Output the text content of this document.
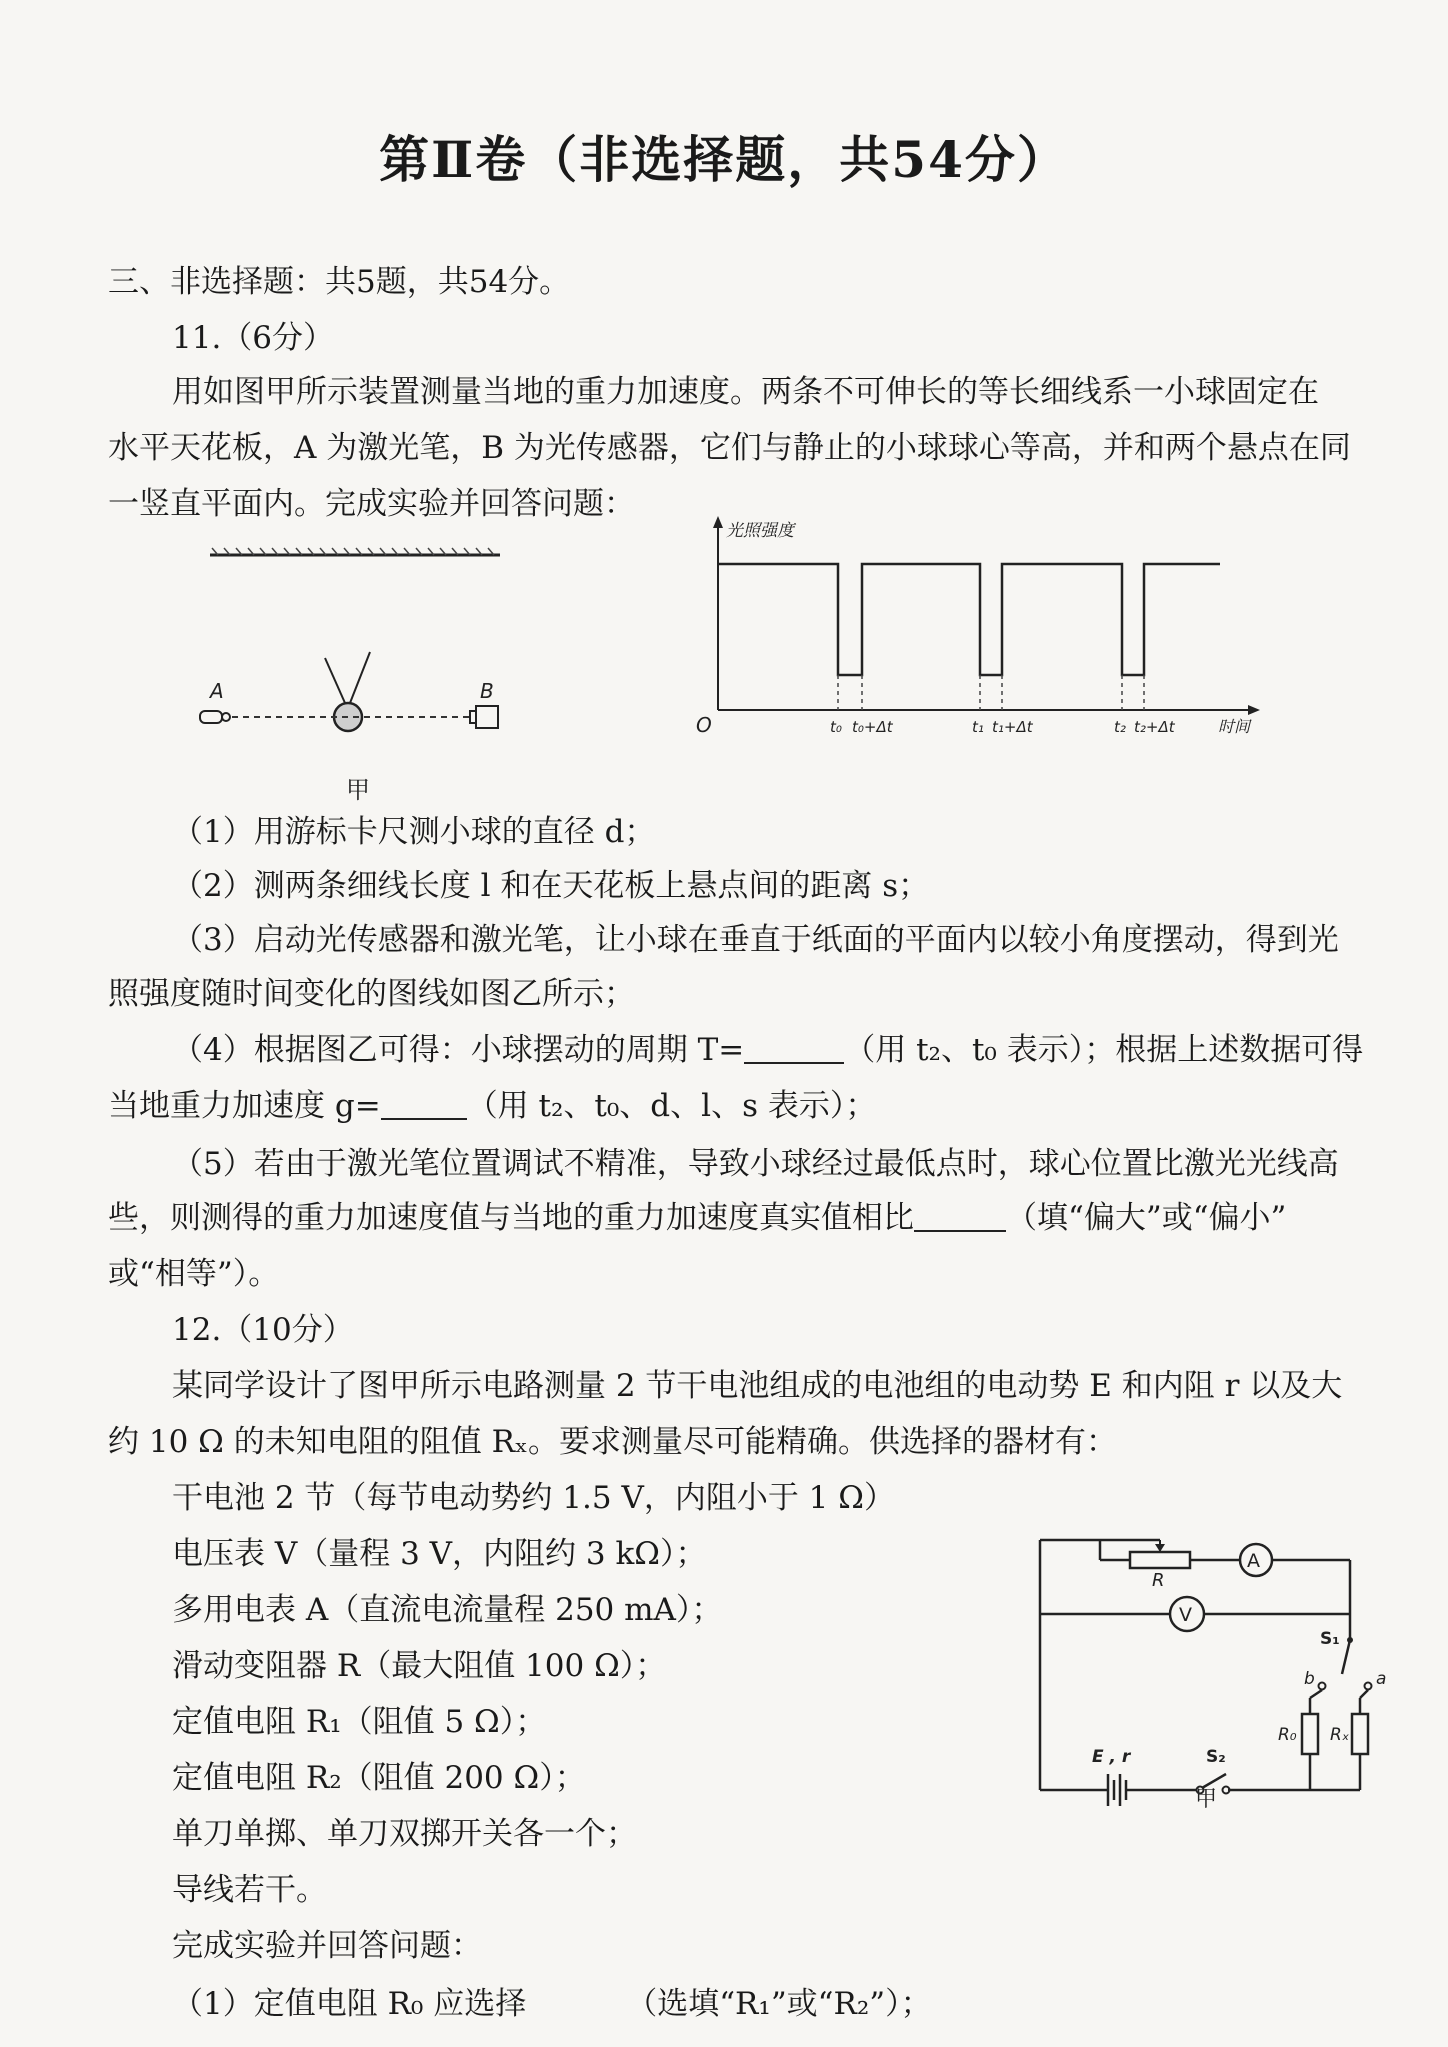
第Ⅱ卷（非选择题，共54分）
三、非选择题：共5题，共54分。
11.（6分）
用如图甲所示装置测量当地的重力加速度。两条不可伸长的等长细线系一小球固定在
水平天花板，A 为激光笔，B 为光传感器，它们与静止的小球球心等高，并和两个悬点在同
一竖直平面内。完成实验并回答问题：
A	B
甲
光照强度
O	t₀ t₀+Δt	t₁ t₁+Δt	t₂ t₂+Δt	时间
（1）用游标卡尺测小球的直径 d；
（2）测两条细线长度 l 和在天花板上悬点间的距离 s；
（3）启动光传感器和激光笔，让小球在垂直于纸面的平面内以较小角度摆动，得到光
照强度随时间变化的图线如图乙所示；
（4）根据图乙可得：小球摆动的周期 T=	（用 t₂、t₀ 表示）；根据上述数据可得
当地重力加速度 g=	（用 t₂、t₀、d、l、s 表示）；
（5）若由于激光笔位置调试不精准，导致小球经过最低点时，球心位置比激光光线高
些，则测得的重力加速度值与当地的重力加速度真实值相比	（填“偏大”或“偏小”
或“相等”）。
12.（10分）
某同学设计了图甲所示电路测量 2 节干电池组成的电池组的电动势 E 和内阻 r 以及大
约 10 Ω 的未知电阻的阻值 Rₓ。要求测量尽可能精确。供选择的器材有：
干电池 2 节（每节电动势约 1.5 V，内阻小于 1 Ω）
电压表 V（量程 3 V，内阻约 3 kΩ）；
多用电表 A（直流电流量程 250 mA）；
滑动变阻器 R（最大阻值 100 Ω）；
定值电阻 R₁（阻值 5 Ω）；
定值电阻 R₂（阻值 200 Ω）；
单刀单掷、单刀双掷开关各一个；
导线若干。
完成实验并回答问题：
（1）定值电阻 R₀ 应选择	（选填“R₁”或“R₂”）；
R
A
V
S₁
b	a
R₀ Rₓ
E , r	S₂
甲
